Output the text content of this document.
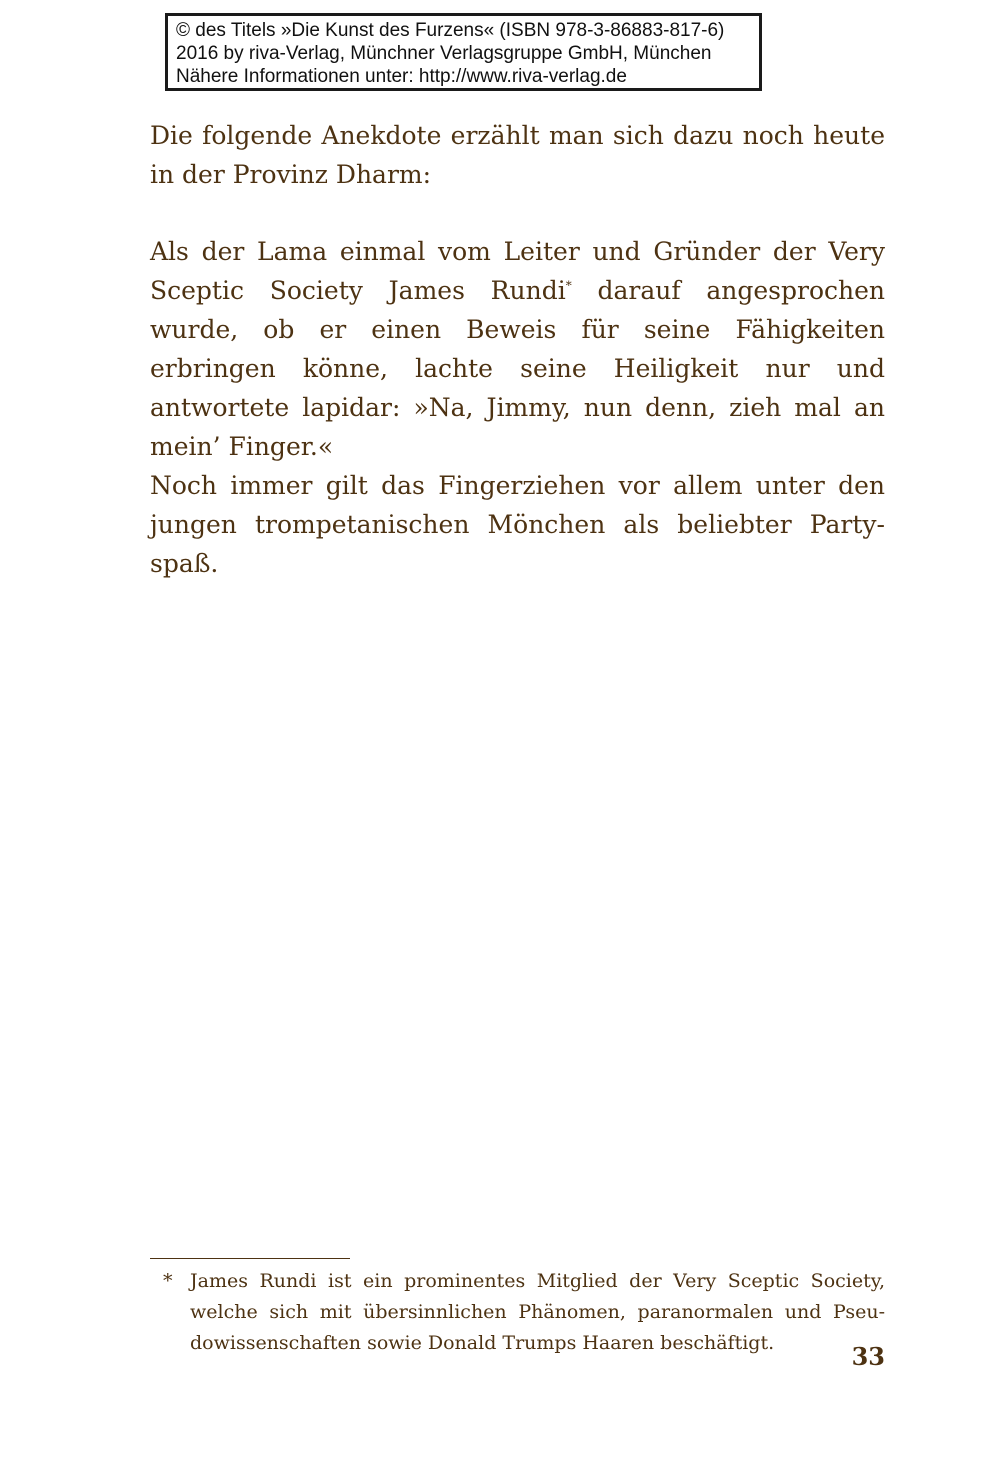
© des Titels »Die Kunst des Furzens« (ISBN 978-3-86883-817-6)
2016 by riva-Verlag, Münchner Verlagsgruppe GmbH, München
Nähere Informationen unter: http://www.riva-verlag.de

Die folgende Anekdote erzählt man sich dazu noch heute in der Provinz Dharm:

Als der Lama einmal vom Leiter und Gründer der Very Sceptic Society James Rundi* darauf angesprochen wurde, ob er einen Beweis für seine Fähigkeiten erbringen könne, lachte seine Heiligkeit nur und antwortete lapidar: »Na, Jimmy, nun denn, zieh mal an mein’ Finger.«

Noch immer gilt das Fingerziehen vor allem unter den jungen trompetanischen Mönchen als beliebter Partyspaß.

* James Rundi ist ein prominentes Mitglied der Very Sceptic Society, welche sich mit übersinnlichen Phänomen, paranormalen und Pseudowissenschaften sowie Donald Trumps Haaren beschäftigt.	33
